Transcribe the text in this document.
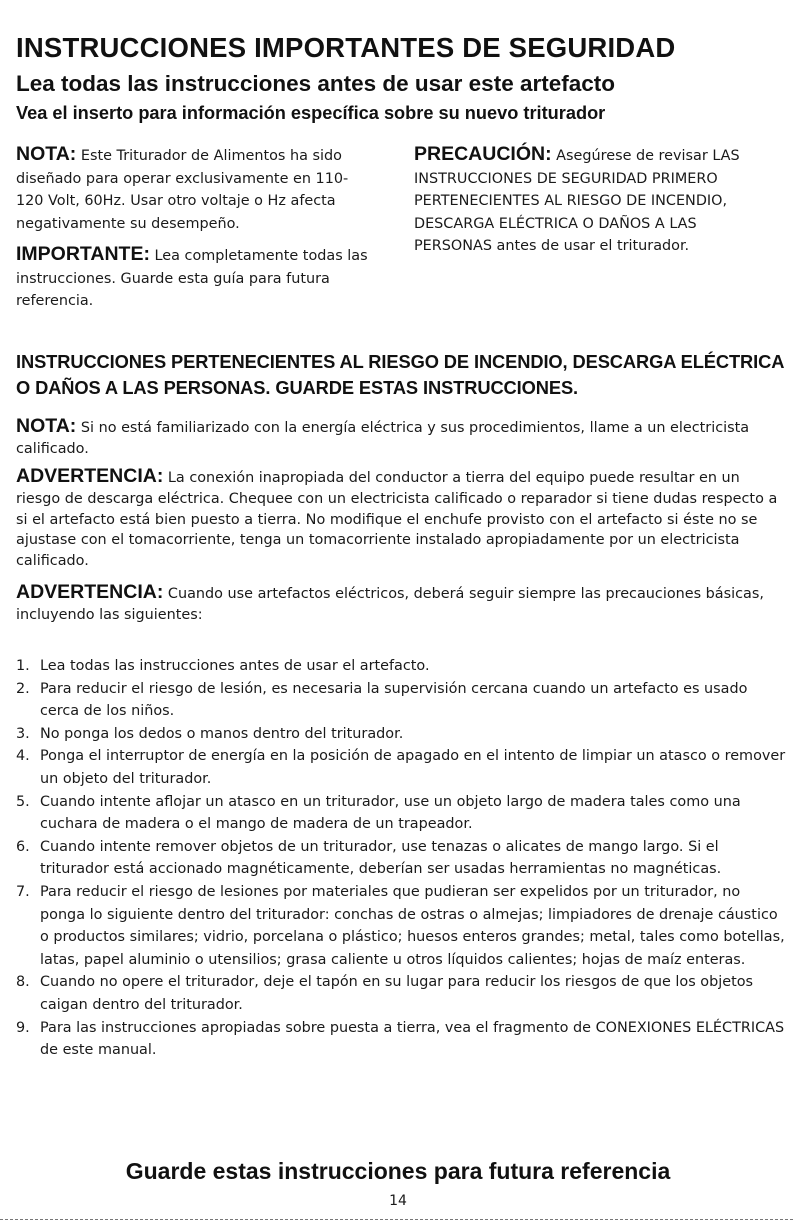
INSTRUCCIONES IMPORTANTES DE SEGURIDAD
Lea todas las instrucciones antes de usar este artefacto
Vea el inserto para información específica sobre su nuevo triturador

NOTA: Este Triturador de Alimentos ha sido diseñado para operar exclusivamente en 110- 120 Volt, 60Hz. Usar otro voltaje o Hz afecta negativamente su desempeño.

IMPORTANTE: Lea completamente todas las instrucciones. Guarde esta guía para futura referencia.

PRECAUCIÓN: Asegúrese de revisar LAS INSTRUCCIONES DE SEGURIDAD PRIMERO PERTENECIENTES AL RIESGO DE INCENDIO, DESCARGA ELÉCTRICA O DAÑOS A LAS PERSONAS antes de usar el triturador.

INSTRUCCIONES PERTENECIENTES AL RIESGO DE INCENDIO, DESCARGA ELÉCTRICA O DAÑOS A LAS PERSONAS. GUARDE ESTAS INSTRUCCIONES.

NOTA: Si no está familiarizado con la energía eléctrica y sus procedimientos, llame a un electricista calificado.

ADVERTENCIA: La conexión inapropiada del conductor a tierra del equipo puede resultar en un riesgo de descarga eléctrica. Chequee con un electricista calificado o reparador si tiene dudas respecto a si el artefacto está bien puesto a tierra. No modifique el enchufe provisto con el artefacto si éste no se ajustase con el tomacorriente, tenga un tomacorriente instalado apropiadamente por un electricista calificado.

ADVERTENCIA: Cuando use artefactos eléctricos, deberá seguir siempre las precauciones básicas, incluyendo las siguientes:

1. Lea todas las instrucciones antes de usar el artefacto.
2. Para reducir el riesgo de lesión, es necesaria la supervisión cercana cuando un artefacto es usado cerca de los niños.
3. No ponga los dedos o manos dentro del triturador.
4. Ponga el interruptor de energía en la posición de apagado en el intento de limpiar un atasco o remover un objeto del triturador.
5. Cuando intente aflojar un atasco en un triturador, use un objeto largo de madera tales como una cuchara de madera o el mango de madera de un trapeador.
6. Cuando intente remover objetos de un triturador, use tenazas o alicates de mango largo. Si el triturador está accionado magnéticamente, deberían ser usadas herramientas no magnéticas.
7. Para reducir el riesgo de lesiones por materiales que pudieran ser expelidos por un triturador, no ponga lo siguiente dentro del triturador: conchas de ostras o almejas; limpiadores de drenaje cáustico o productos similares; vidrio, porcelana o plástico; huesos enteros grandes; metal, tales como botellas, latas, papel aluminio o utensilios; grasa caliente u otros líquidos calientes; hojas de maíz enteras.
8. Cuando no opere el triturador, deje el tapón en su lugar para reducir los riesgos de que los objetos caigan dentro del triturador.
9. Para las instrucciones apropiadas sobre puesta a tierra, vea el fragmento de CONEXIONES ELÉCTRICAS de este manual.
Guarde estas instrucciones para futura referencia

14
